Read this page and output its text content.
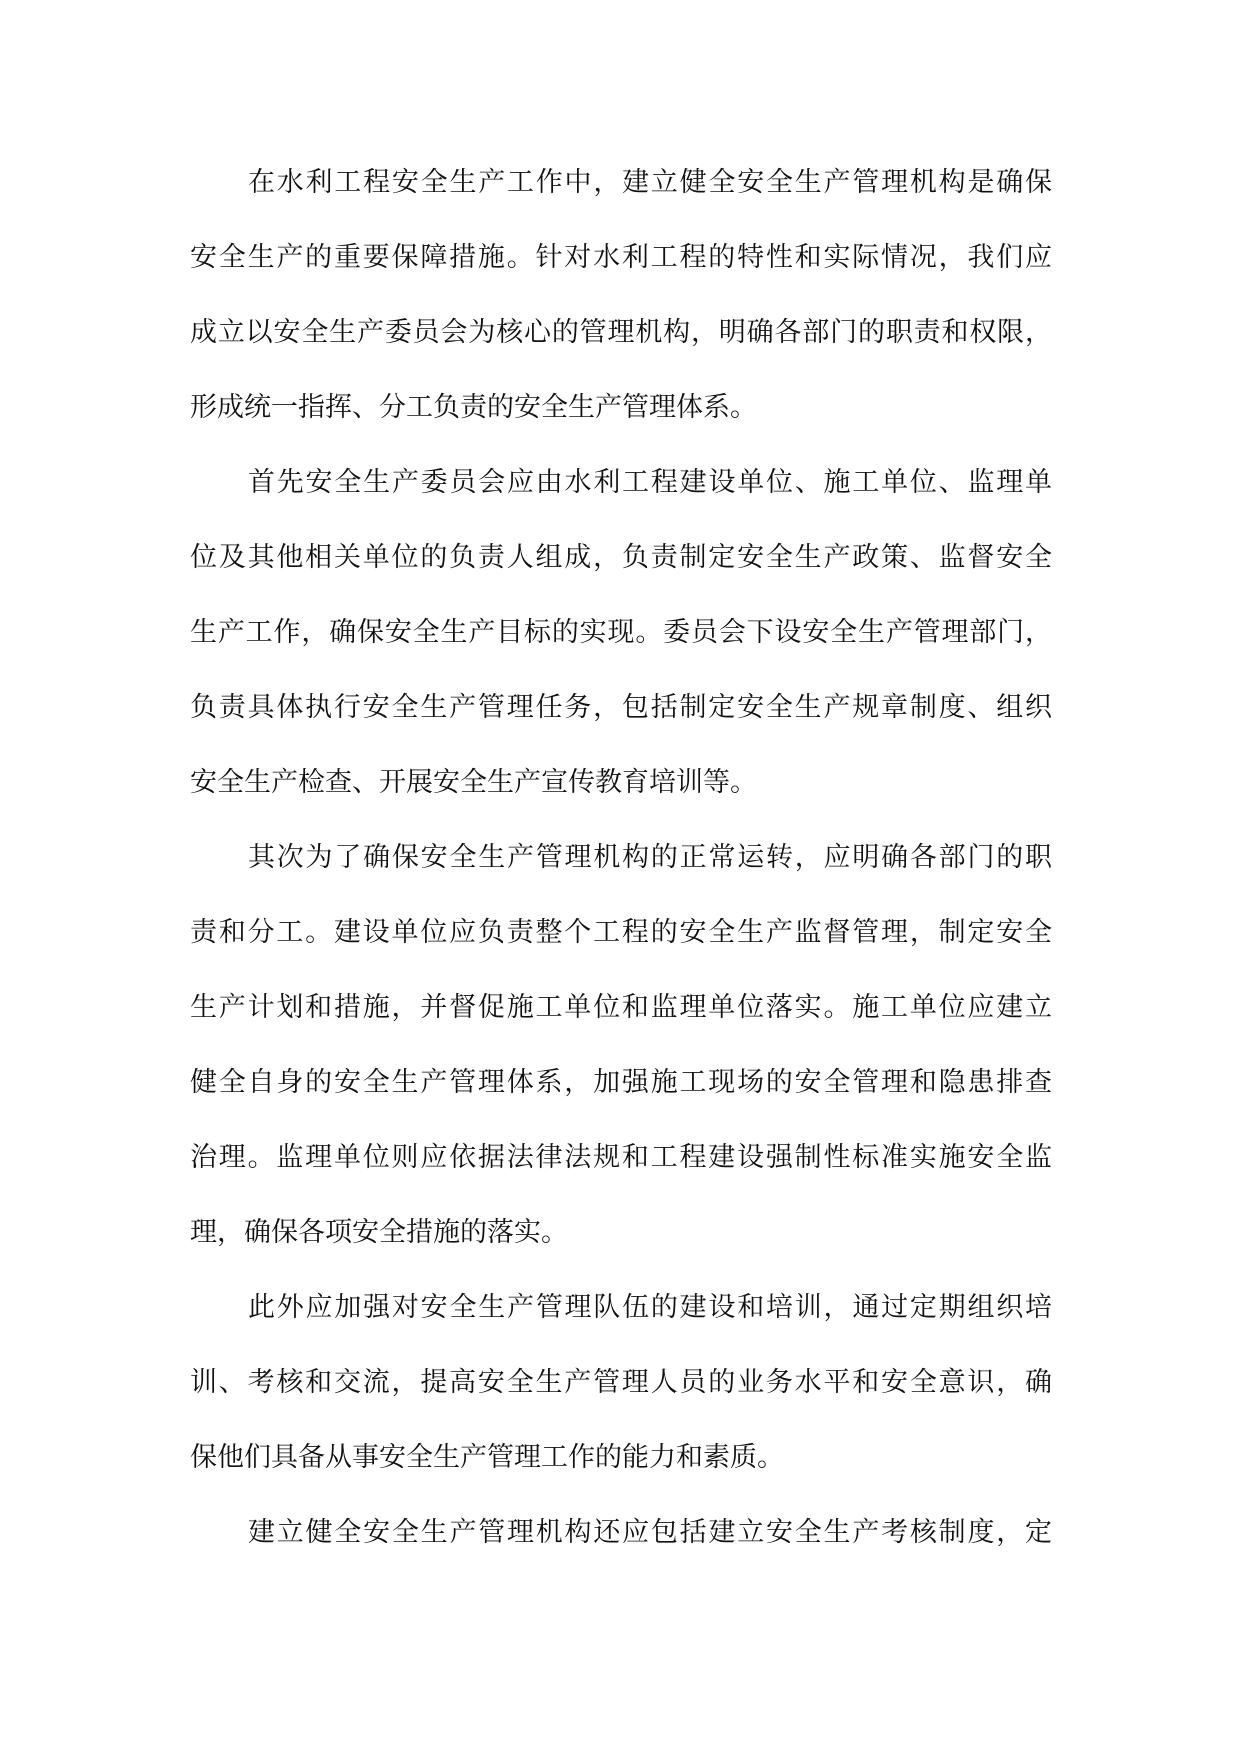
在水利工程安全生产工作中，建立健全安全生产管理机构是确保
安全生产的重要保障措施。针对水利工程的特性和实际情况，我们应
成立以安全生产委员会为核心的管理机构，明确各部门的职责和权限，
形成统一指挥、分工负责的安全生产管理体系。
首先安全生产委员会应由水利工程建设单位、施工单位、监理单
位及其他相关单位的负责人组成，负责制定安全生产政策、监督安全
生产工作，确保安全生产目标的实现。委员会下设安全生产管理部门，
负责具体执行安全生产管理任务，包括制定安全生产规章制度、组织
安全生产检查、开展安全生产宣传教育培训等。
其次为了确保安全生产管理机构的正常运转，应明确各部门的职
责和分工。建设单位应负责整个工程的安全生产监督管理，制定安全
生产计划和措施，并督促施工单位和监理单位落实。施工单位应建立
健全自身的安全生产管理体系，加强施工现场的安全管理和隐患排查
治理。监理单位则应依据法律法规和工程建设强制性标准实施安全监
理，确保各项安全措施的落实。
此外应加强对安全生产管理队伍的建设和培训，通过定期组织培
训、考核和交流，提高安全生产管理人员的业务水平和安全意识，确
保他们具备从事安全生产管理工作的能力和素质。
建立健全安全生产管理机构还应包括建立安全生产考核制度，定
